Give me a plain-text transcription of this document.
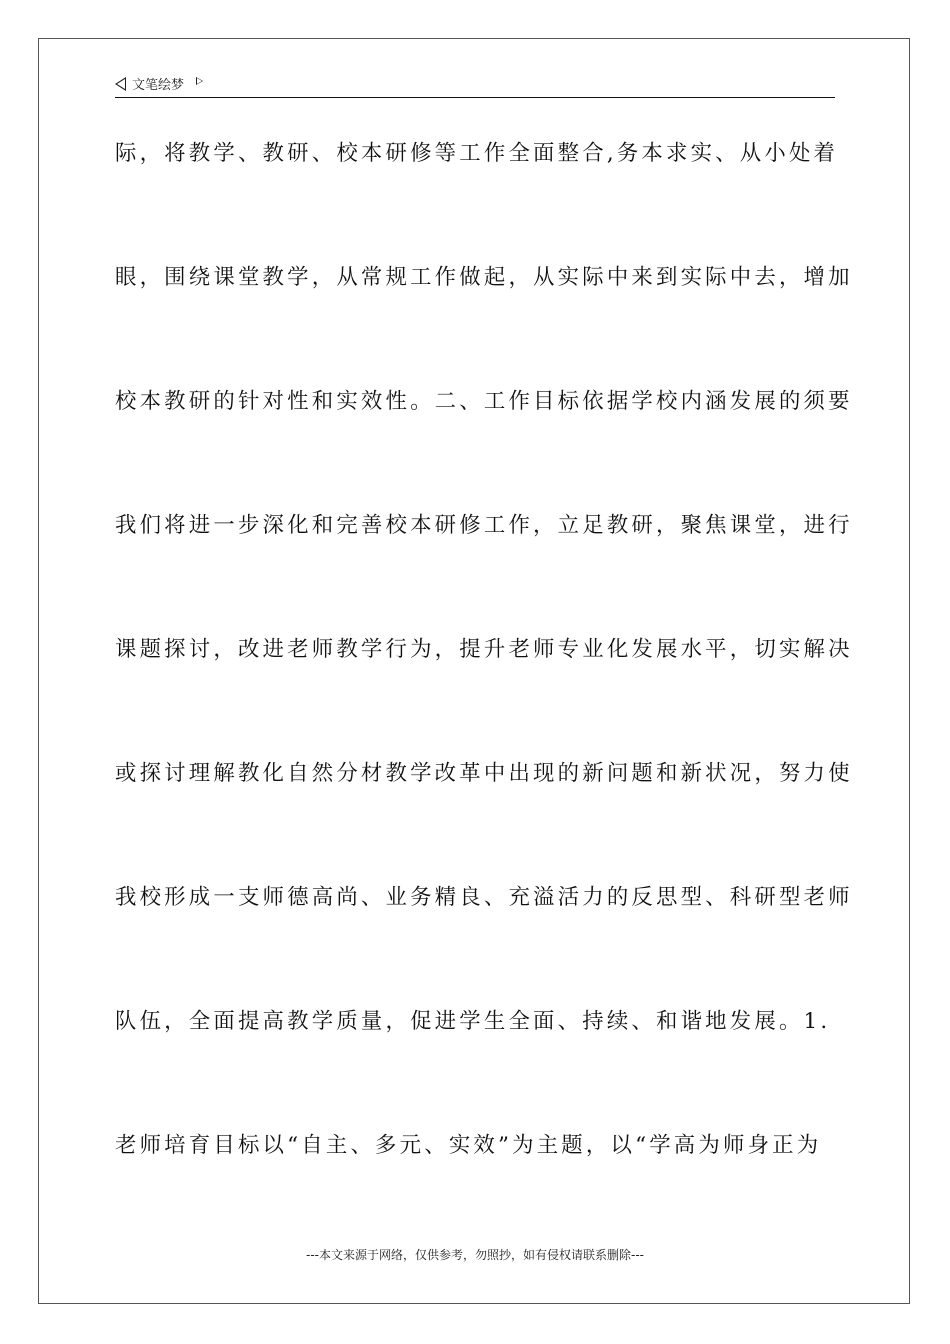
文笔绘梦
际，将教学、教研、校本研修等工作全面整合,务本求实、从小处着
眼，围绕课堂教学，从常规工作做起，从实际中来到实际中去，增加
校本教研的针对性和实效性。二、工作目标依据学校内涵发展的须要
我们将进一步深化和完善校本研修工作，立足教研，聚焦课堂，进行
课题探讨，改进老师教学行为，提升老师专业化发展水平，切实解决
或探讨理解教化自然分材教学改革中出现的新问题和新状况，努力使
我校形成一支师德高尚、业务精良、充溢活力的反思型、科研型老师
队伍，全面提高教学质量，促进学生全面、持续、和谐地发展。1.
老师培育目标以“自主、多元、实效”为主题，以“学高为师身正为
---本文来源于网络，仅供参考，勿照抄，如有侵权请联系删除---
